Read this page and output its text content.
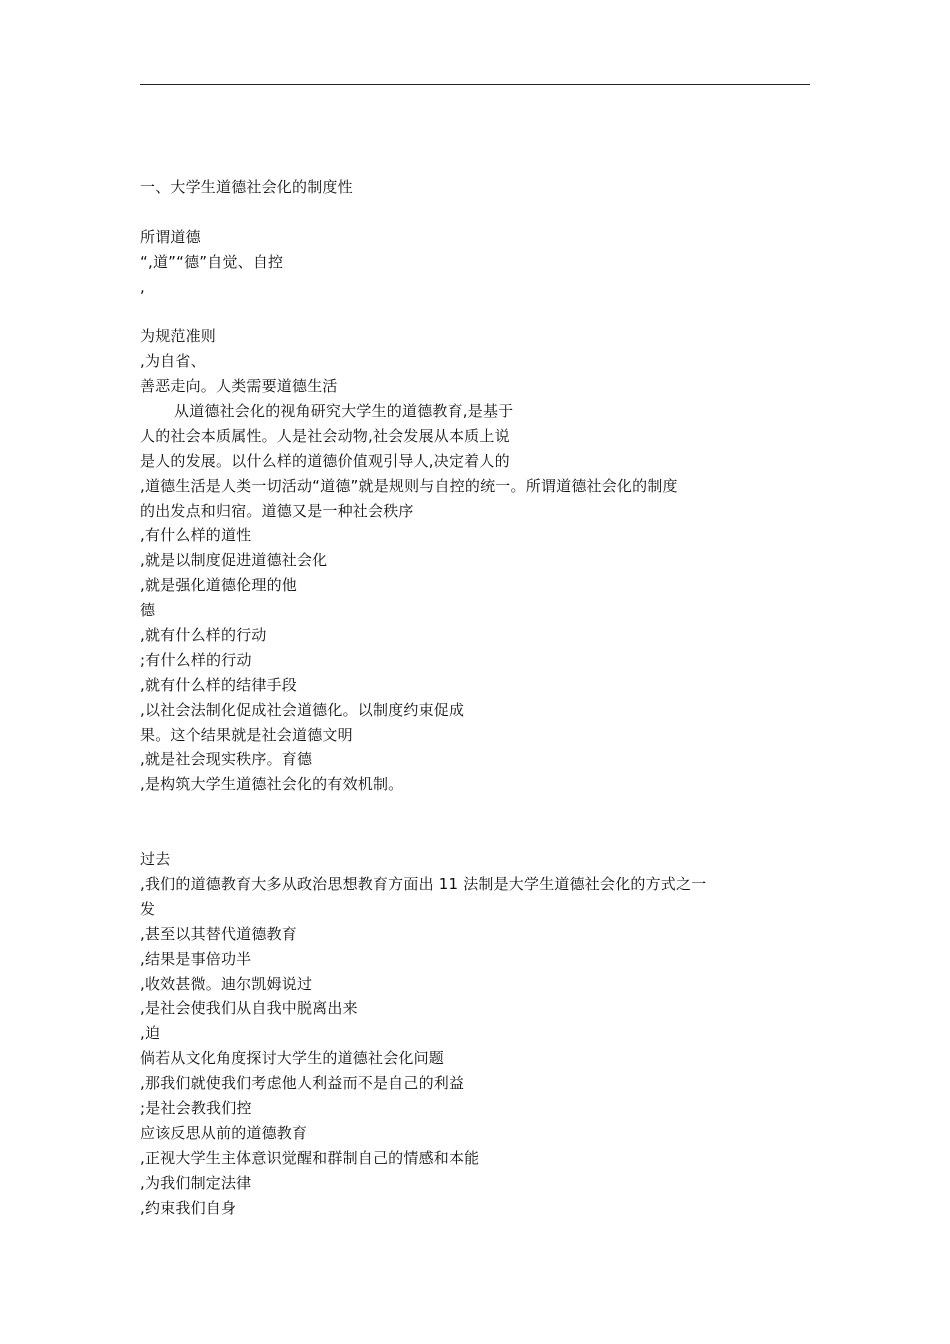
一、大学生道德社会化的制度性
所谓道德
“,道”“德”自觉、自控
,
为规范准则
,为自省、
善恶走向。人类需要道德生活
从道德社会化的视角研究大学生的道德教育,是基于
人的社会本质属性。人是社会动物,社会发展从本质上说
是人的发展。以什么样的道德价值观引导人,决定着人的
,道德生活是人类一切活动“道德”就是规则与自控的统一。所谓道德社会化的制度
的出发点和归宿。道德又是一种社会秩序
,有什么样的道性
,就是以制度促进道德社会化
,就是强化道德伦理的他
德
,就有什么样的行动
;有什么样的行动
,就有什么样的结律手段
,以社会法制化促成社会道德化。以制度约束促成
果。这个结果就是社会道德文明
,就是社会现实秩序。育德
,是构筑大学生道德社会化的有效机制。
过去
,我们的道德教育大多从政治思想教育方面出 11 法制是大学生道德社会化的方式之一
发
,甚至以其替代道德教育
,结果是事倍功半
,收效甚微。迪尔凯姆说过
,是社会使我们从自我中脱离出来
,迫
倘若从文化角度探讨大学生的道德社会化问题
,那我们就使我们考虑他人利益而不是自己的利益
;是社会教我们控
应该反思从前的道德教育
,正视大学生主体意识觉醒和群制自己的情感和本能
,为我们制定法律
,约束我们自身
